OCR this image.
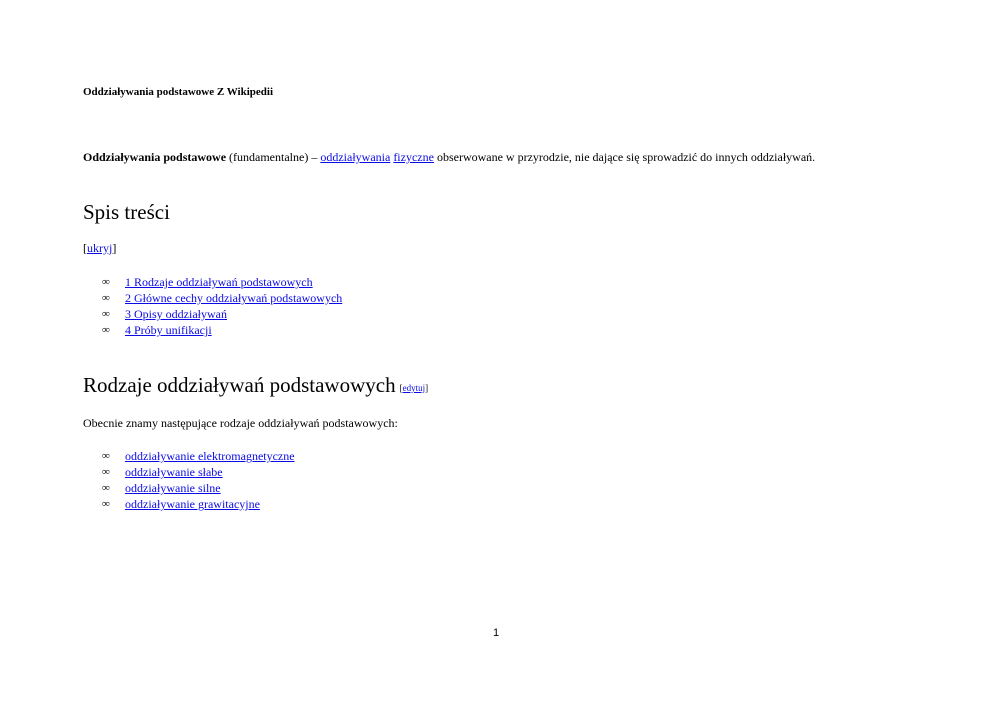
Oddziaływania podstawowe Z Wikipedii

Oddziaływania podstawowe (fundamentalne) – oddziaływania fizyczne obserwowane w przyrodzie, nie dające się sprowadzić do innych oddziaływań.

Spis treści

[ukryj]

∞ 1 Rodzaje oddziaływań podstawowych
∞ 2 Główne cechy oddziaływań podstawowych
∞ 3 Opisy oddziaływań
∞ 4 Próby unifikacji
Rodzaje oddziaływań podstawowych [edytuj]

Obecnie znamy następujące rodzaje oddziaływań podstawowych:

∞ oddziaływanie elektromagnetyczne
∞ oddziaływanie słabe
∞ oddziaływanie silne
∞ oddziaływanie grawitacyjne
1
